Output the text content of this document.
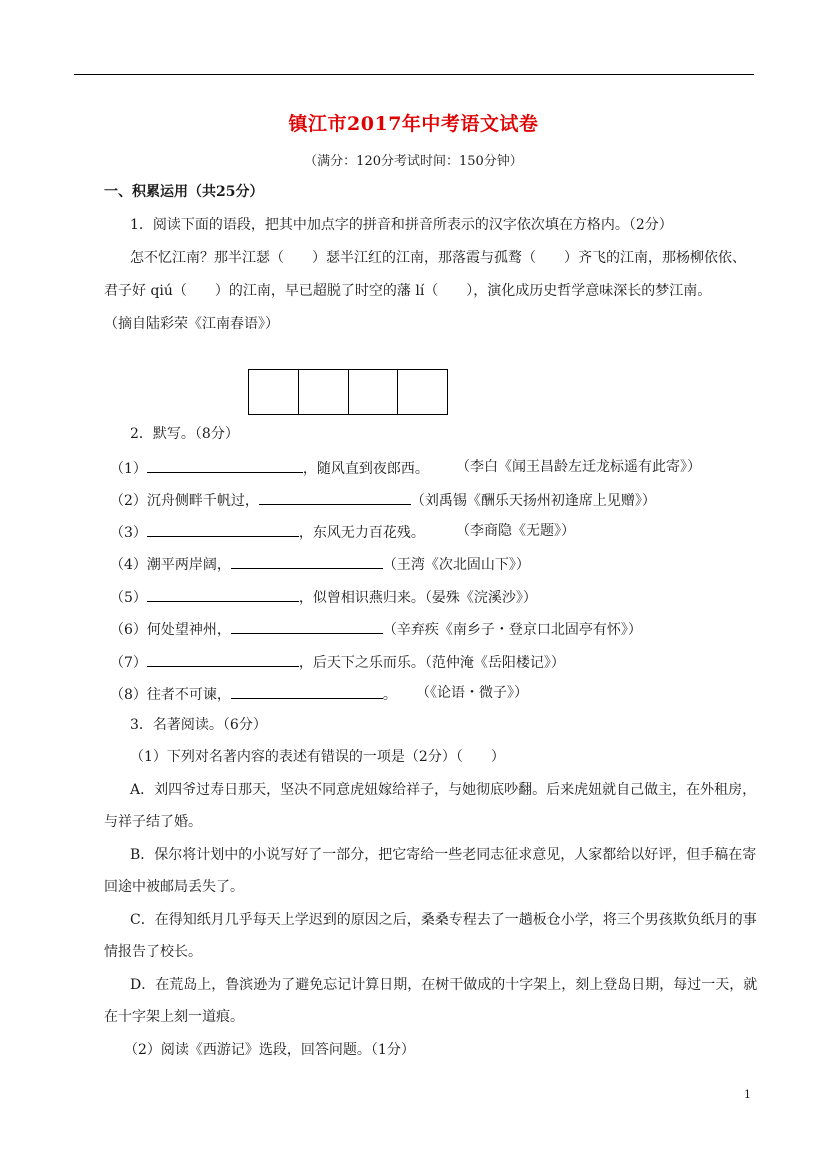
镇江市2017年中考语文试卷
（满分：120分考试时间：150分钟）
一、积累运用（共25分）
1．阅读下面的语段，把其中加点字的拼音和拼音所表示的汉字依次填在方格内。（2分）
怎不忆江南？那半江瑟（　　）瑟半江红的江南，那落霞与孤鹜（　　）齐飞的江南，那杨柳依依、
君子好 qiú（　　）的江南，早已超脱了时空的藩 lí（　　），演化成历史哲学意味深长的梦江南。
（摘自陆彩荣《江南春语》）
2．默写。（8分）
（1）	，随风直到夜郎西。 （李白《闻王昌龄左迁龙标遥有此寄》）
（2）沉舟侧畔千帆过，	（刘禹锡《酬乐天扬州初逢席上见赠》）
（3）	，东风无力百花残。 （李商隐《无题》）
（4）潮平两岸阔，	（王湾《次北固山下》）
（5）	，似曾相识燕归来。（晏殊《浣溪沙》）
（6）何处望神州，	（辛弃疾《南乡子・登京口北固亭有怀》）
（7）	，后天下之乐而乐。（范仲淹《岳阳楼记》）
（8）往者不可谏，	。 （《论语・微子》）
3．名著阅读。（6分）
（1）下列对名著内容的表述有错误的一项是（2分）（　　）
A．刘四爷过寿日那天，坚决不同意虎妞嫁给祥子，与她彻底吵翻。后来虎妞就自己做主，在外租房，
与祥子结了婚。
B．保尔将计划中的小说写好了一部分，把它寄给一些老同志征求意见，人家都给以好评，但手稿在寄
回途中被邮局丢失了。
C．在得知纸月几乎每天上学迟到的原因之后，桑桑专程去了一趟板仓小学，将三个男孩欺负纸月的事
情报告了校长。
D．在荒岛上，鲁滨逊为了避免忘记计算日期，在树干做成的十字架上，刻上登岛日期，每过一天，就
在十字架上刻一道痕。
（2）阅读《西游记》选段，回答问题。（1分）
1
